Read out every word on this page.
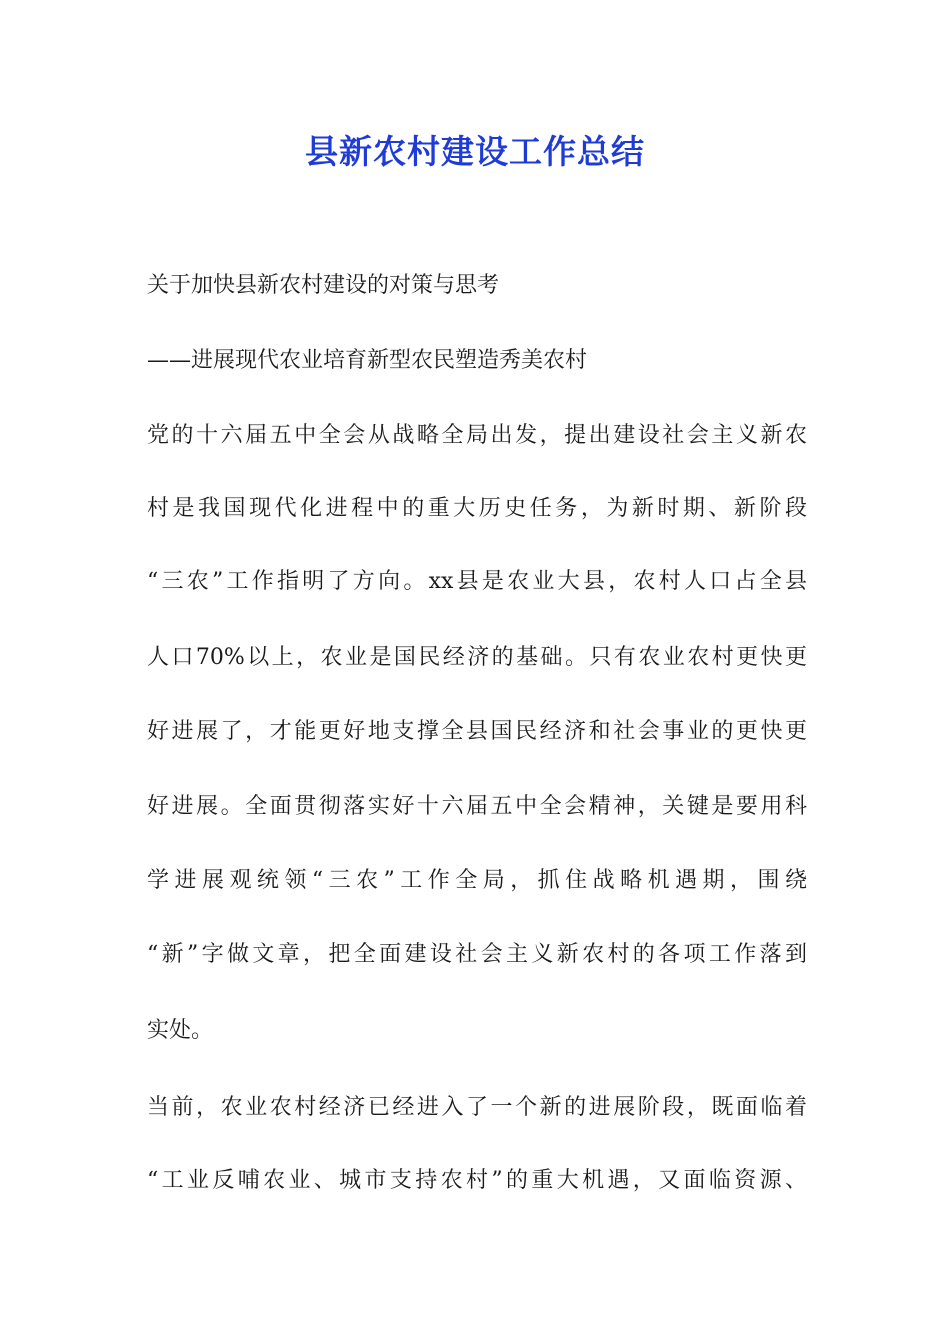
县新农村建设工作总结
关于加快县新农村建设的对策与思考
——进展现代农业培育新型农民塑造秀美农村
党的十六届五中全会从战略全局出发，提出建设社会主义新农
村是我国现代化进程中的重大历史任务，为新时期、新阶段
“三农”工作指明了方向。xx县是农业大县，农村人口占全县
人口70%以上，农业是国民经济的基础。只有农业农村更快更
好进展了，才能更好地支撑全县国民经济和社会事业的更快更
好进展。全面贯彻落实好十六届五中全会精神，关键是要用科
学进展观统领“三农”工作全局，抓住战略机遇期，围绕
“新”字做文章，把全面建设社会主义新农村的各项工作落到
实处。
当前，农业农村经济已经进入了一个新的进展阶段，既面临着
“工业反哺农业、城市支持农村”的重大机遇，又面临资源、
